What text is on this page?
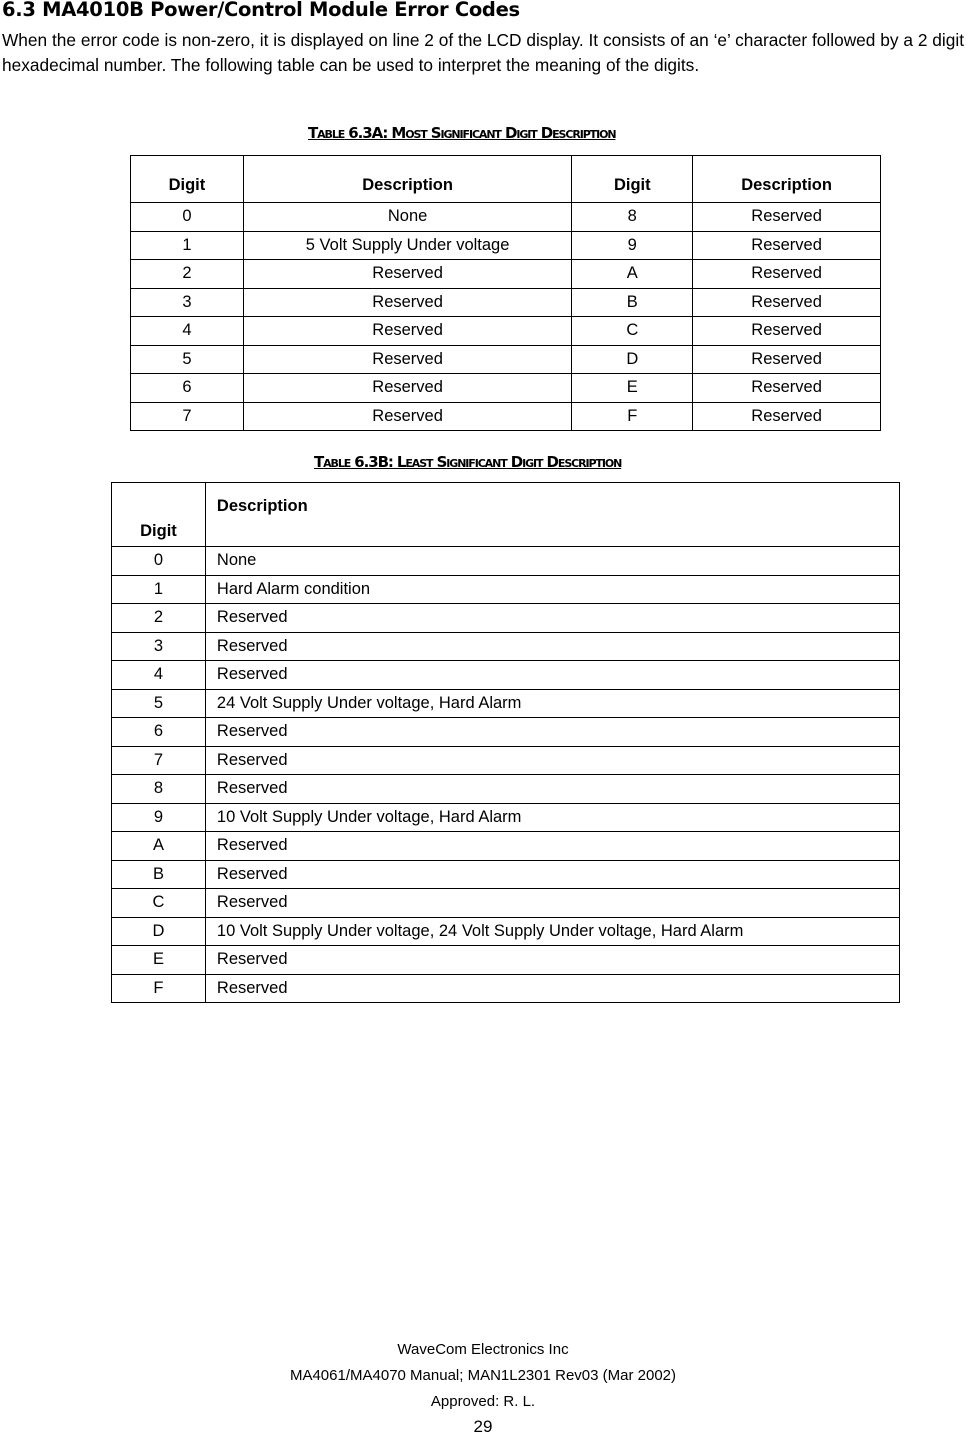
6.3 MA4010B Power/Control Module Error Codes

When the error code is non-zero, it is displayed on line 2 of the LCD display. It consists of an ‘e’ character followed by a 2 digit hexadecimal number. The following table can be used to interpret the meaning of the digits.

TABLE 6.3A: MOST SIGNIFICANT DIGIT DESCRIPTION

Digit	Description	Digit	Description
0	None	8	Reserved
1	5 Volt Supply Under voltage	9	Reserved
2	Reserved	A	Reserved
3	Reserved	B	Reserved
4	Reserved	C	Reserved
5	Reserved	D	Reserved
6	Reserved	E	Reserved
7	Reserved	F	Reserved

TABLE 6.3B: LEAST SIGNIFICANT DIGIT DESCRIPTION

Digit	Description
0	None
1	Hard Alarm condition
2	Reserved
3	Reserved
4	Reserved
5	24 Volt Supply Under voltage, Hard Alarm
6	Reserved
7	Reserved
8	Reserved
9	10 Volt Supply Under voltage, Hard Alarm
A	Reserved
B	Reserved
C	Reserved
D	10 Volt Supply Under voltage, 24 Volt Supply Under voltage, Hard Alarm
E	Reserved
F	Reserved

WaveCom Electronics Inc

MA4061/MA4070 Manual; MAN1L2301 Rev03 (Mar 2002)

Approved: R. L.

29
